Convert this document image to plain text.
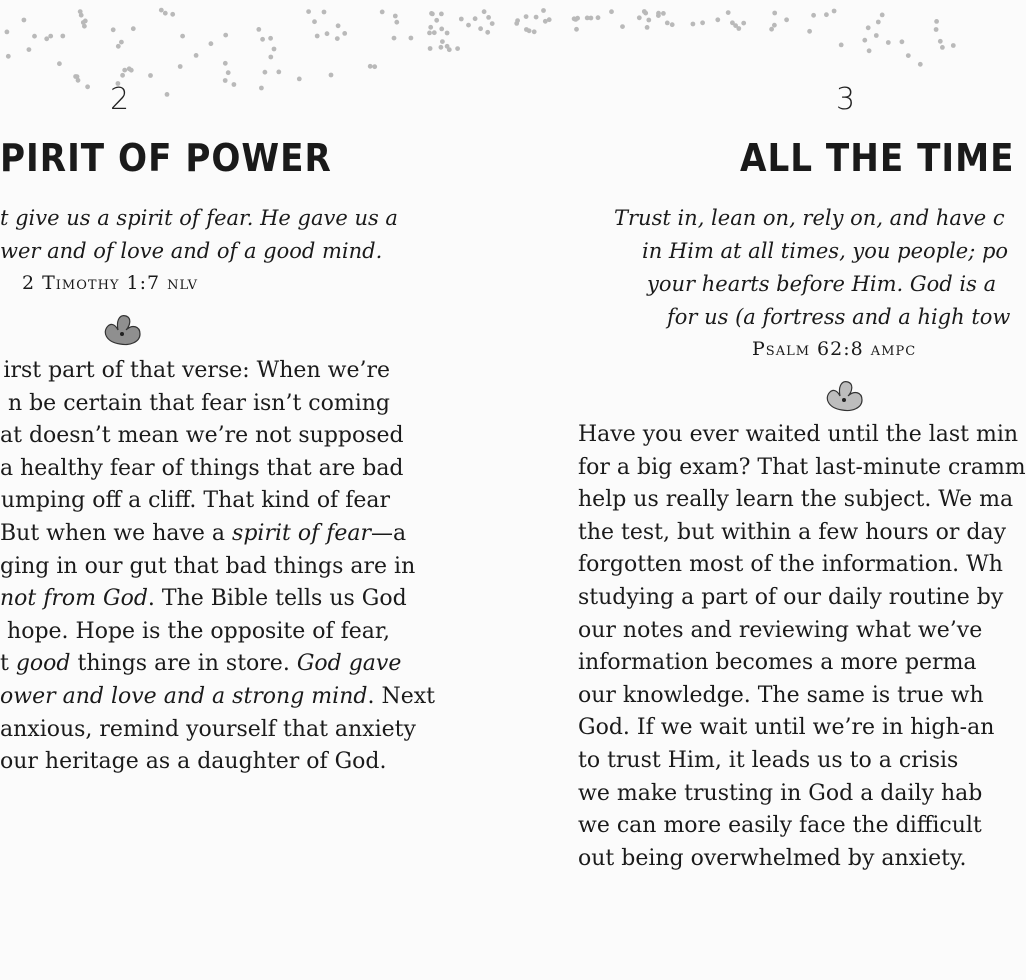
2
PIRIT OF POWER
t give us a spirit of fear. He gave us a
wer and of love and of a good mind.
2 Timothy 1:7 nlv
irst part of that verse: When we’re
n be certain that fear isn’t coming
at doesn’t mean we’re not supposed
a healthy fear of things that are bad
umping off a cliff. That kind of fear
But when we have a spirit of fear—a
ging in our gut that bad things are in
not from God. The Bible tells us God
hope. Hope is the opposite of fear,
t good things are in store. God gave
ower and love and a strong mind. Next
anxious, remind yourself that anxiety
our heritage as a daughter of God.
3
ALL THE TIME
Trust in, lean on, rely on, and have c
in Him at all times, you people; po
your hearts before Him. God is a
for us (a fortress and a high tow
Psalm 62:8 ampc
Have you ever waited until the last min
for a big exam? That last-minute cramm
help us really learn the subject. We ma
the test, but within a few hours or day
forgotten most of the information. Wh
studying a part of our daily routine by
our notes and reviewing what we’ve
information becomes a more perma
our knowledge. The same is true wh
God. If we wait until we’re in high-an
to trust Him, it leads us to a crisis
we make trusting in God a daily hab
we can more easily face the difficult
out being overwhelmed by anxiety.
